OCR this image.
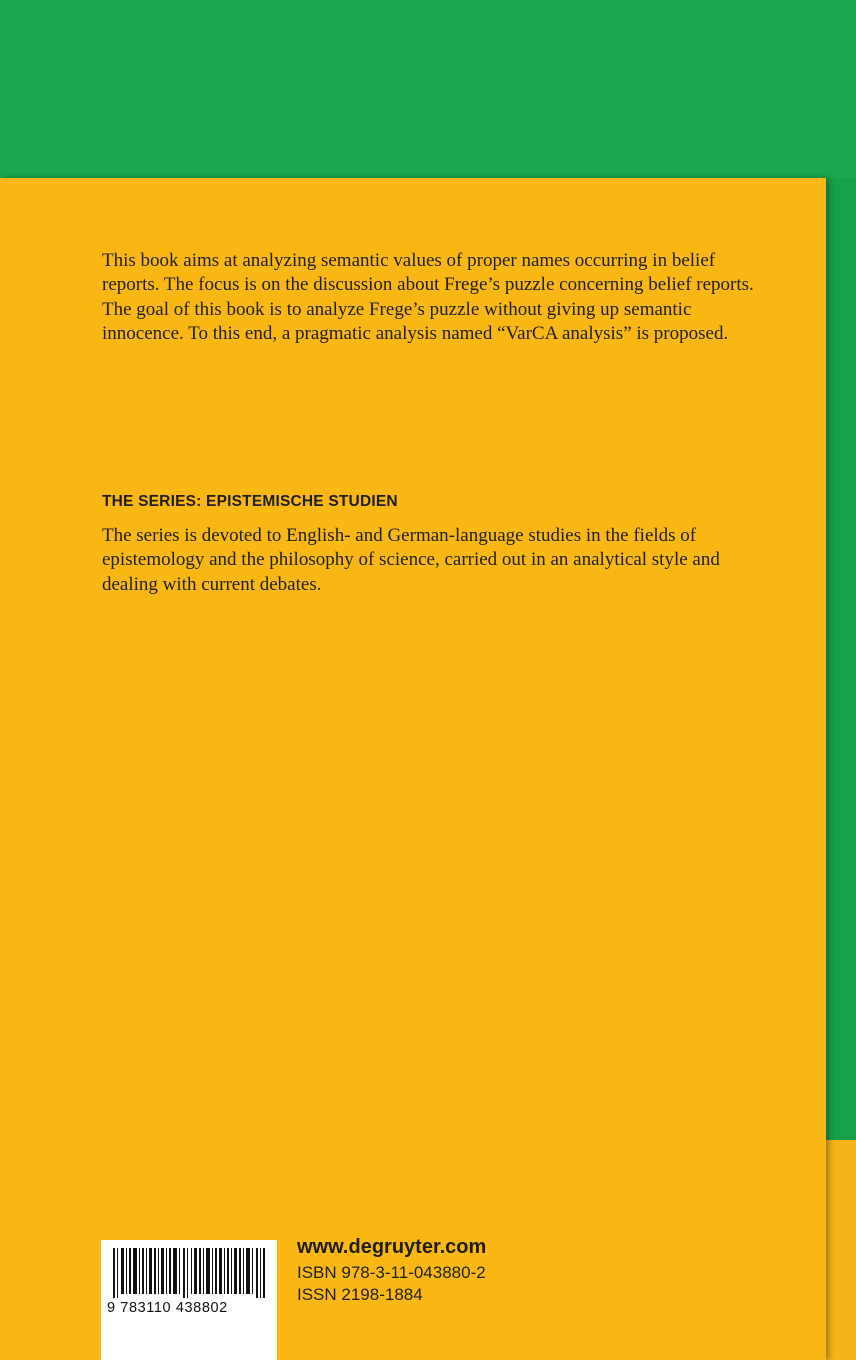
This book aims at analyzing semantic values of proper names occurring in belief reports. The focus is on the discussion about Frege’s puzzle concerning belief reports. The goal of this book is to analyze Frege’s puzzle without giving up semantic innocence. To this end, a pragmatic analysis named “VarCA analysis” is proposed.

THE SERIES: EPISTEMISCHE STUDIEN

The series is devoted to English- and German-language studies in the fields of epistemology and the philosophy of science, carried out in an analytical style and dealing with current debates.

9 783110 438802
www.degruyter.com
ISBN 978-3-11-043880-2
ISSN 2198-1884
